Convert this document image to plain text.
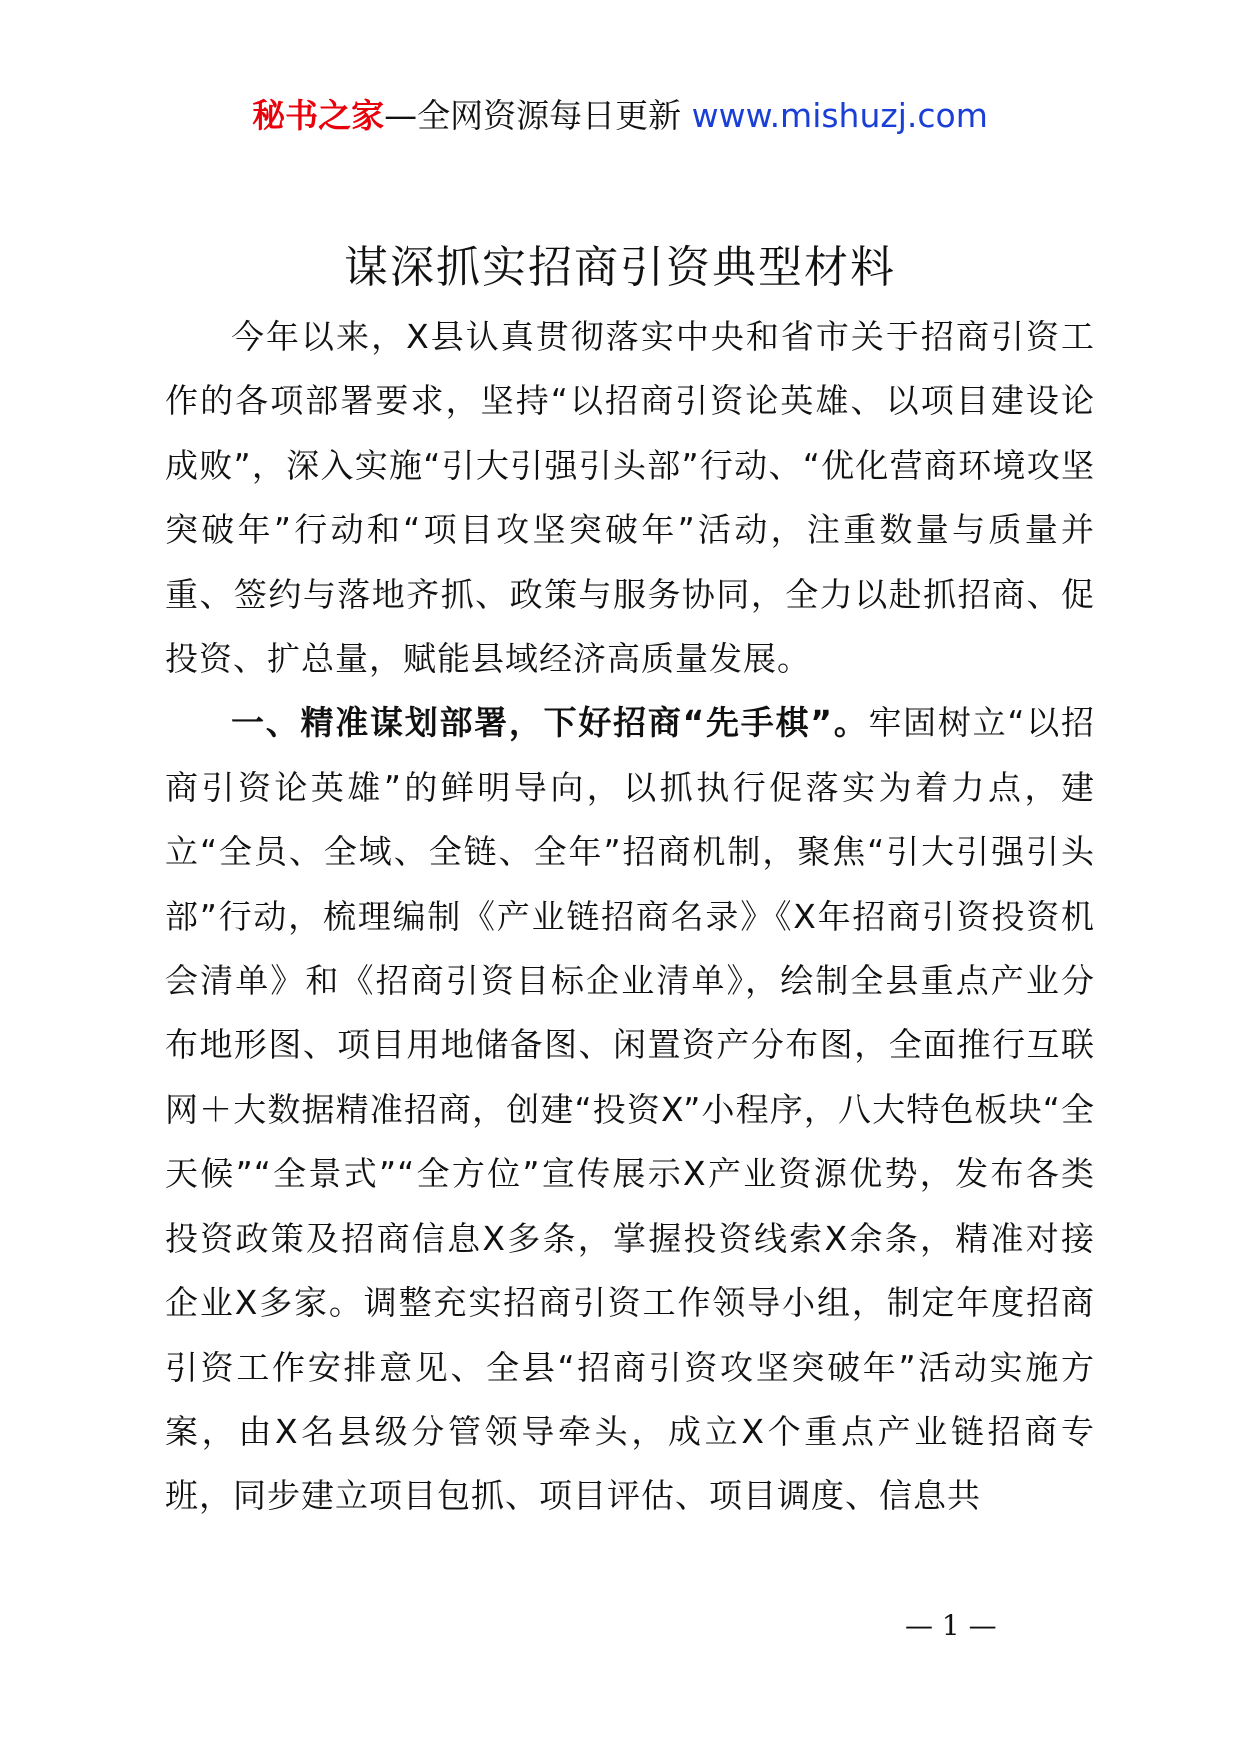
秘书之家—全网资源每日更新 www.mishuzj.com
谋深抓实招商引资典型材料

今年以来，X县认真贯彻落实中央和省市关于招商引资工作的各项部署要求，坚持“以招商引资论英雄、以项目建设论成败”，深入实施“引大引强引头部”行动、“优化营商环境攻坚突破年”行动和“项目攻坚突破年”活动，注重数量与质量并重、签约与落地齐抓、政策与服务协同，全力以赴抓招商、促投资、扩总量，赋能县域经济高质量发展。

一、精准谋划部署，下好招商“先手棋”。牢固树立“以招商引资论英雄”的鲜明导向，以抓执行促落实为着力点，建立“全员、全域、全链、全年”招商机制，聚焦“引大引强引头部”行动，梳理编制《产业链招商名录》《X年招商引资投资机会清单》和《招商引资目标企业清单》，绘制全县重点产业分布地形图、项目用地储备图、闲置资产分布图，全面推行互联网＋大数据精准招商，创建“投资X”小程序，八大特色板块“全天候”“全景式”“全方位”宣传展示X产业资源优势，发布各类投资政策及招商信息X多条，掌握投资线索X余条，精准对接企业X多家。调整充实招商引资工作领导小组，制定年度招商引资工作安排意见、全县“招商引资攻坚突破年”活动实施方案，由X名县级分管领导牵头，成立X个重点产业链招商专班，同步建立项目包抓、项目评估、项目调度、信息共

— 1 —
